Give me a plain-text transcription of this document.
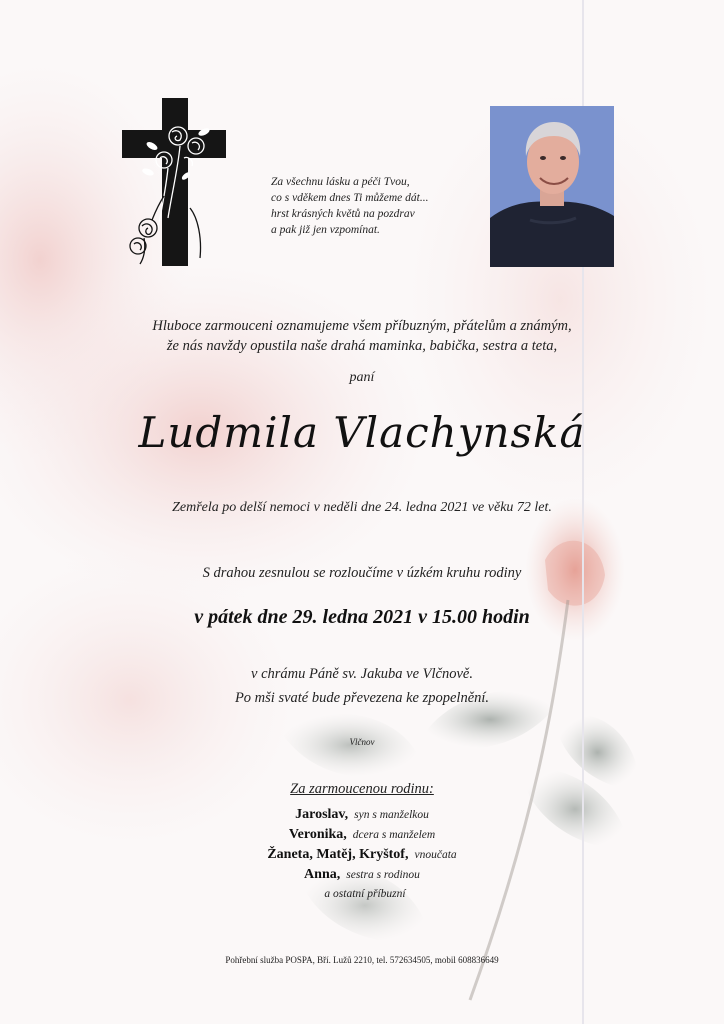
Za všechnu lásku a péči Tvou,
co s vděkem dnes Ti můžeme dát...
hrst krásných květů na pozdrav
a pak již jen vzpomínat.
Hluboce zarmouceni oznamujeme všem příbuzným, přátelům a známým,
že nás navždy opustila naše drahá maminka, babička, sestra a teta,
paní
Ludmila Vlachynská
Zemřela po delší nemoci v neděli dne 24. ledna 2021 ve věku 72 let.
S drahou zesnulou se rozloučíme v úzkém kruhu rodiny
v pátek dne 29. ledna 2021 v 15.00 hodin
v chrámu Páně sv. Jakuba ve Vlčnově.
Po mši svaté bude převezena ke zpopelnění.
Vlčnov
Za zarmoucenou rodinu:
Jaroslav, syn s manželkou
Veronika, dcera s manželem
Žaneta, Matěj, Kryštof, vnoučata
Anna, sestra s rodinou
a ostatní příbuzní
Pohřební služba POSPA, Bří. Lužů 2210, tel. 572634505, mobil 608836649
